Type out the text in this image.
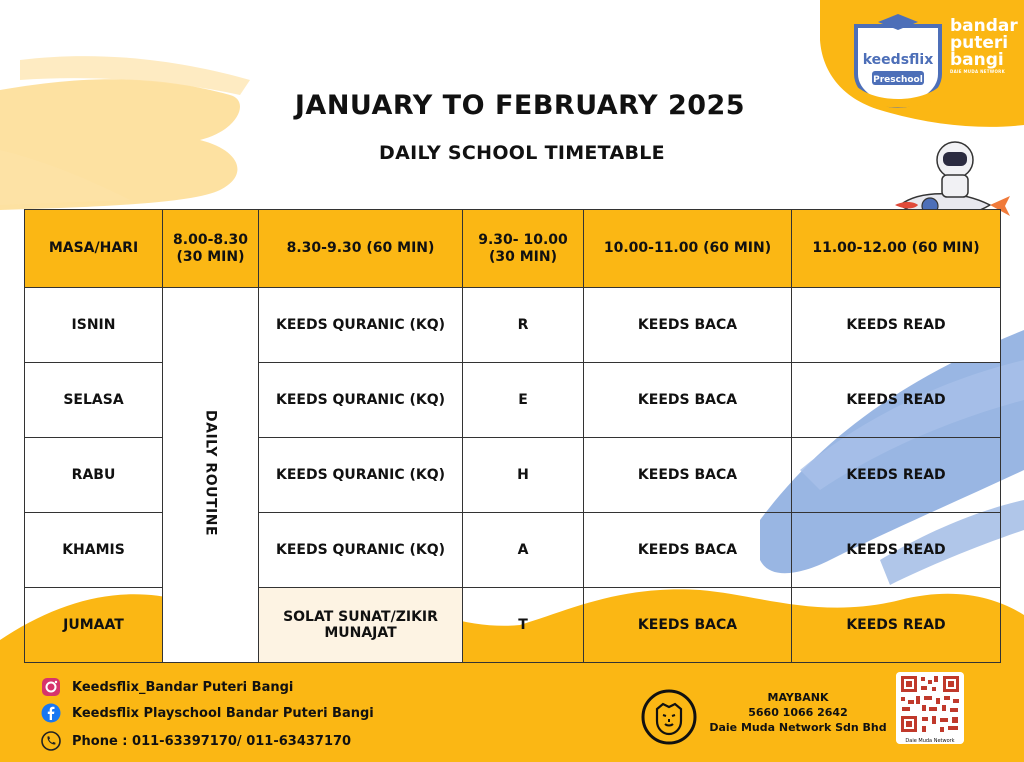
keedsflix
Preschool
bandar
puteri
bangi
DAIE MUDA NETWORK
JANUARY TO FEBRUARY 2025
DAILY SCHOOL TIMETABLE
MASA/HARI	8.00-8.30 (30 MIN)	8.30-9.30 (60 MIN)	9.30- 10.00 (30 MIN)	10.00-11.00 (60 MIN)	11.00-12.00 (60 MIN)
ISNIN	DAILY ROUTINE	KEEDS QURANIC (KQ)	R	KEEDS BACA	KEEDS READ
SELASA		KEEDS QURANIC (KQ)	E	KEEDS BACA	KEEDS READ
RABU		KEEDS QURANIC (KQ)	H	KEEDS BACA	KEEDS READ
KHAMIS		KEEDS QURANIC (KQ)	A	KEEDS BACA	KEEDS READ
JUMAAT		SOLAT SUNAT/ZIKIR MUNAJAT	T	KEEDS BACA	KEEDS READ
Keedsflix_Bandar Puteri Bangi
Keedsflix Playschool Bandar Puteri Bangi
Phone : 011-63397170/ 011-63437170
MAYBANK
5660 1066 2642
Daie Muda Network Sdn Bhd
Daie Muda Network
